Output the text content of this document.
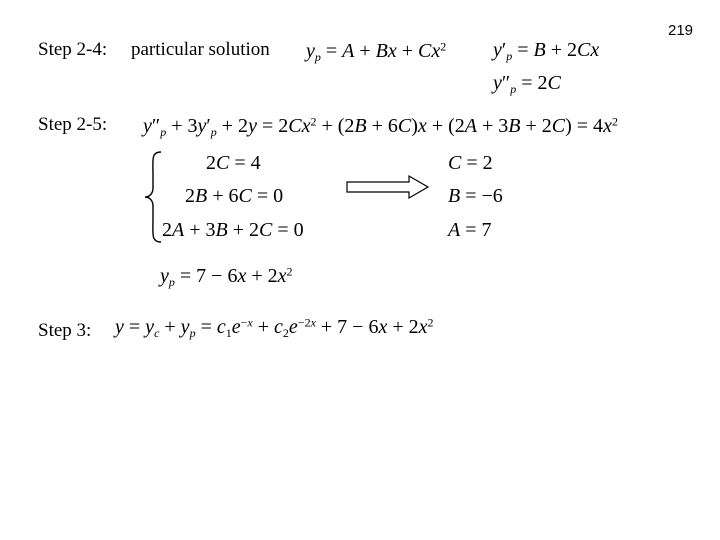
219
Step 2-4: particular solution $y_p = A + Bx + Cx^2$ $y'_p = B + 2Cx$
$y''_p = 2C$
Step 2-5: $y''_p + 3y'_p + 2y = 2Cx^2 + (2B + 6C)x + (2A + 3B + 2C) = 4x^2$
2C = 4
2B + 6C = 0
2A + 3B + 2C = 0
C = 2
B = −6
A = 7
$y_p = 7 - 6x + 2x^2$
Step 3: $y = y_c + y_p = c_1e^{-x} + c_2e^{-2x} + 7 - 6x + 2x^2$
